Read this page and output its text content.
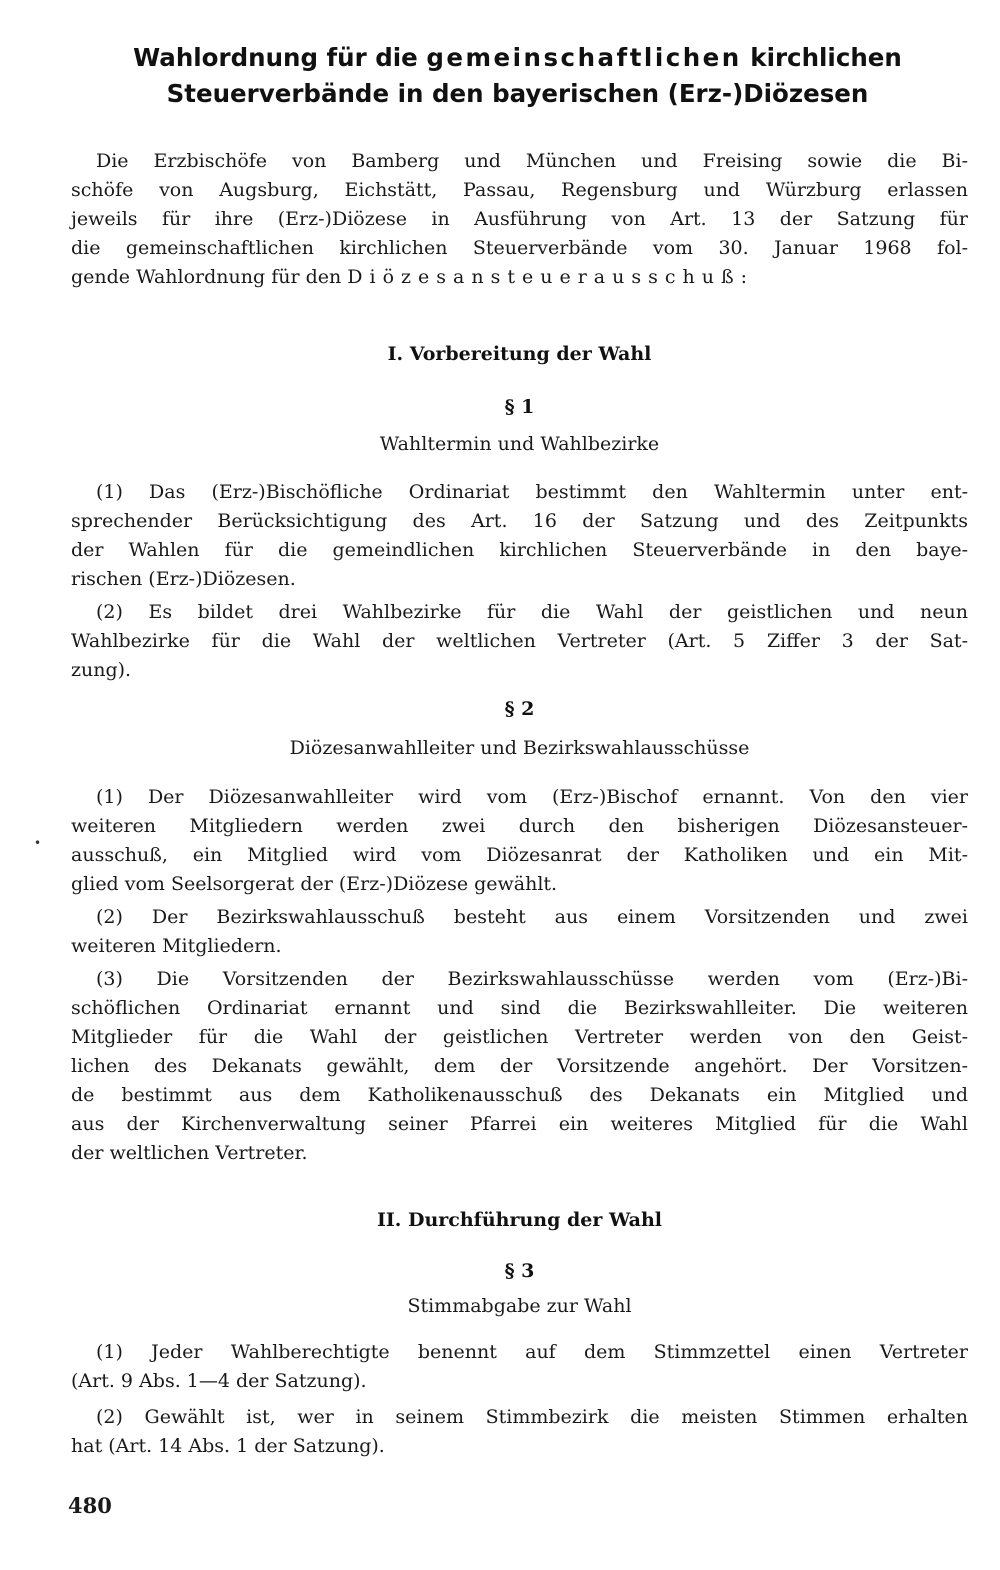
Wahlordnung für die gemeinschaftlichen kirchlichen
Steuerverbände in den bayerischen (Erz-)Diözesen
Die Erzbischöfe von Bamberg und München und Freising sowie die Bi-
schöfe von Augsburg, Eichstätt, Passau, Regensburg und Würzburg erlassen
jeweils für ihre (Erz-)Diözese in Ausführung von Art. 13 der Satzung für
die gemeinschaftlichen kirchlichen Steuerverbände vom 30. Januar 1968 fol-
gende Wahlordnung für den Diözesansteuerausschuß:
I. Vorbereitung der Wahl
§ 1
Wahltermin und Wahlbezirke
(1) Das (Erz-)Bischöfliche Ordinariat bestimmt den Wahltermin unter ent-
sprechender Berücksichtigung des Art. 16 der Satzung und des Zeitpunkts
der Wahlen für die gemeindlichen kirchlichen Steuerverbände in den baye-
rischen (Erz-)Diözesen.
(2) Es bildet drei Wahlbezirke für die Wahl der geistlichen und neun
Wahlbezirke für die Wahl der weltlichen Vertreter (Art. 5 Ziffer 3 der Sat-
zung).
§ 2
Diözesanwahlleiter und Bezirkswahlausschüsse
•
(1) Der Diözesanwahlleiter wird vom (Erz-)Bischof ernannt. Von den vier
weiteren Mitgliedern werden zwei durch den bisherigen Diözesansteuer-
ausschuß, ein Mitglied wird vom Diözesanrat der Katholiken und ein Mit-
glied vom Seelsorgerat der (Erz-)Diözese gewählt.
(2) Der Bezirkswahlausschuß besteht aus einem Vorsitzenden und zwei
weiteren Mitgliedern.
(3) Die Vorsitzenden der Bezirkswahlausschüsse werden vom (Erz-)Bi-
schöflichen Ordinariat ernannt und sind die Bezirkswahlleiter. Die weiteren
Mitglieder für die Wahl der geistlichen Vertreter werden von den Geist-
lichen des Dekanats gewählt, dem der Vorsitzende angehört. Der Vorsitzen-
de bestimmt aus dem Katholikenausschuß des Dekanats ein Mitglied und
aus der Kirchenverwaltung seiner Pfarrei ein weiteres Mitglied für die Wahl
der weltlichen Vertreter.
II. Durchführung der Wahl
§ 3
Stimmabgabe zur Wahl
(1) Jeder Wahlberechtigte benennt auf dem Stimmzettel einen Vertreter
(Art. 9 Abs. 1—4 der Satzung).
(2) Gewählt ist, wer in seinem Stimmbezirk die meisten Stimmen erhalten
hat (Art. 14 Abs. 1 der Satzung).
480
